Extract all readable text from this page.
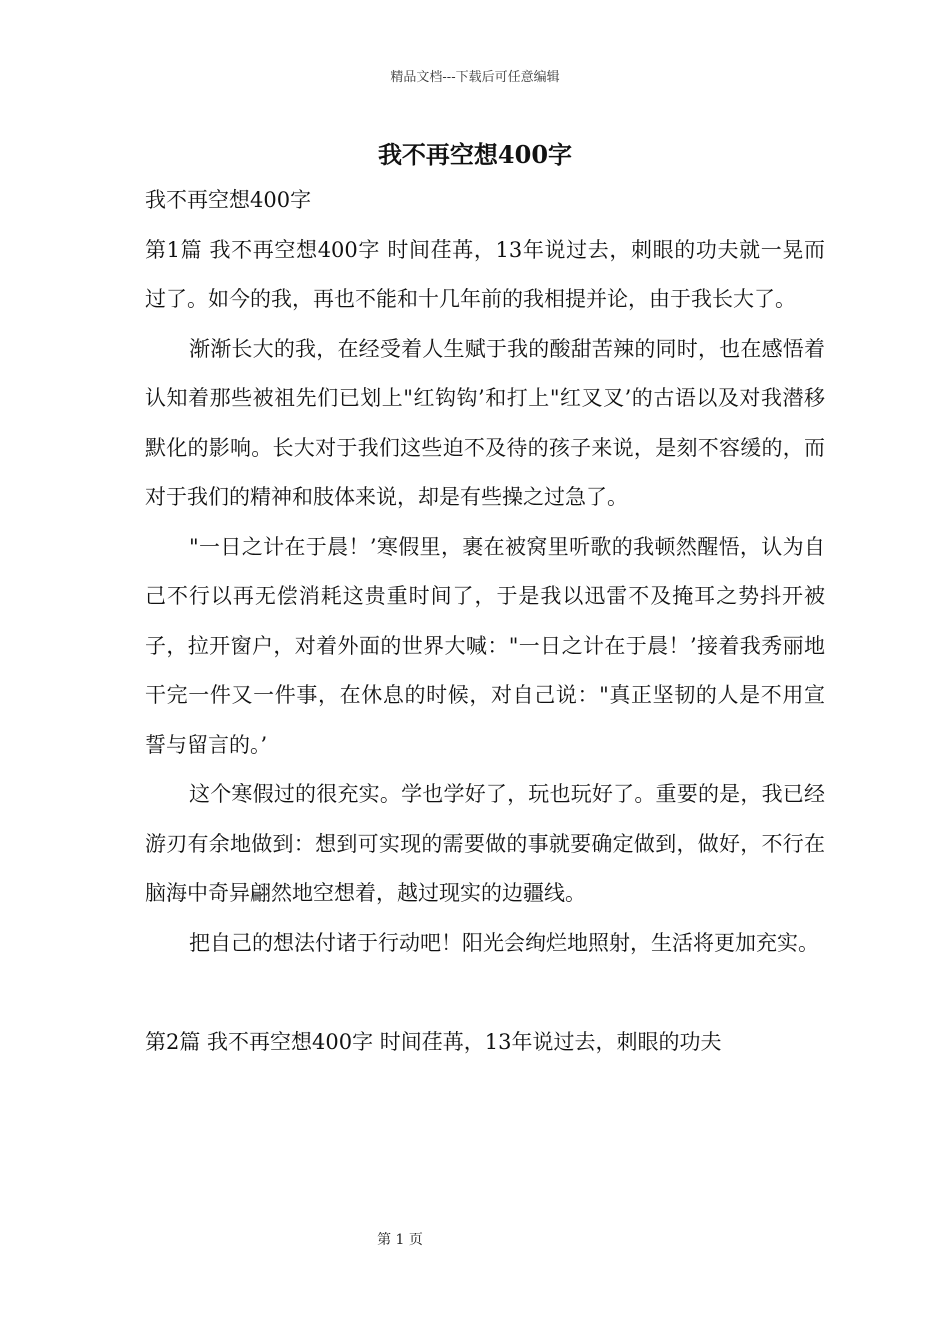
精品文档---下载后可任意编辑
我不再空想400字

我不再空想400字

第1篇 我不再空想400字 时间荏苒，13年说过去，刺眼的功夫就一晃而过了。如今的我，再也不能和十几年前的我相提并论，由于我长大了。

渐渐长大的我，在经受着人生赋于我的酸甜苦辣的同时，也在感悟着认知着那些被祖先们已划上"红钩钩’和打上"红叉叉’的古语以及对我潜移默化的影响。长大对于我们这些迫不及待的孩子来说，是刻不容缓的，而对于我们的精神和肢体来说，却是有些操之过急了。

"一日之计在于晨！’寒假里，裹在被窝里听歌的我顿然醒悟，认为自己不行以再无偿消耗这贵重时间了，于是我以迅雷不及掩耳之势抖开被子，拉开窗户，对着外面的世界大喊："一日之计在于晨！’接着我秀丽地干完一件又一件事，在休息的时候，对自己说："真正坚韧的人是不用宣誓与留言的。’

这个寒假过的很充实。学也学好了，玩也玩好了。重要的是，我已经游刃有余地做到：想到可实现的需要做的事就要确定做到，做好，不行在脑海中奇异翩然地空想着，越过现实的边疆线。

把自己的想法付诸于行动吧！阳光会绚烂地照射，生活将更加充实。

第2篇 我不再空想400字 时间荏苒，13年说过去，刺眼的功夫

第 1 页
